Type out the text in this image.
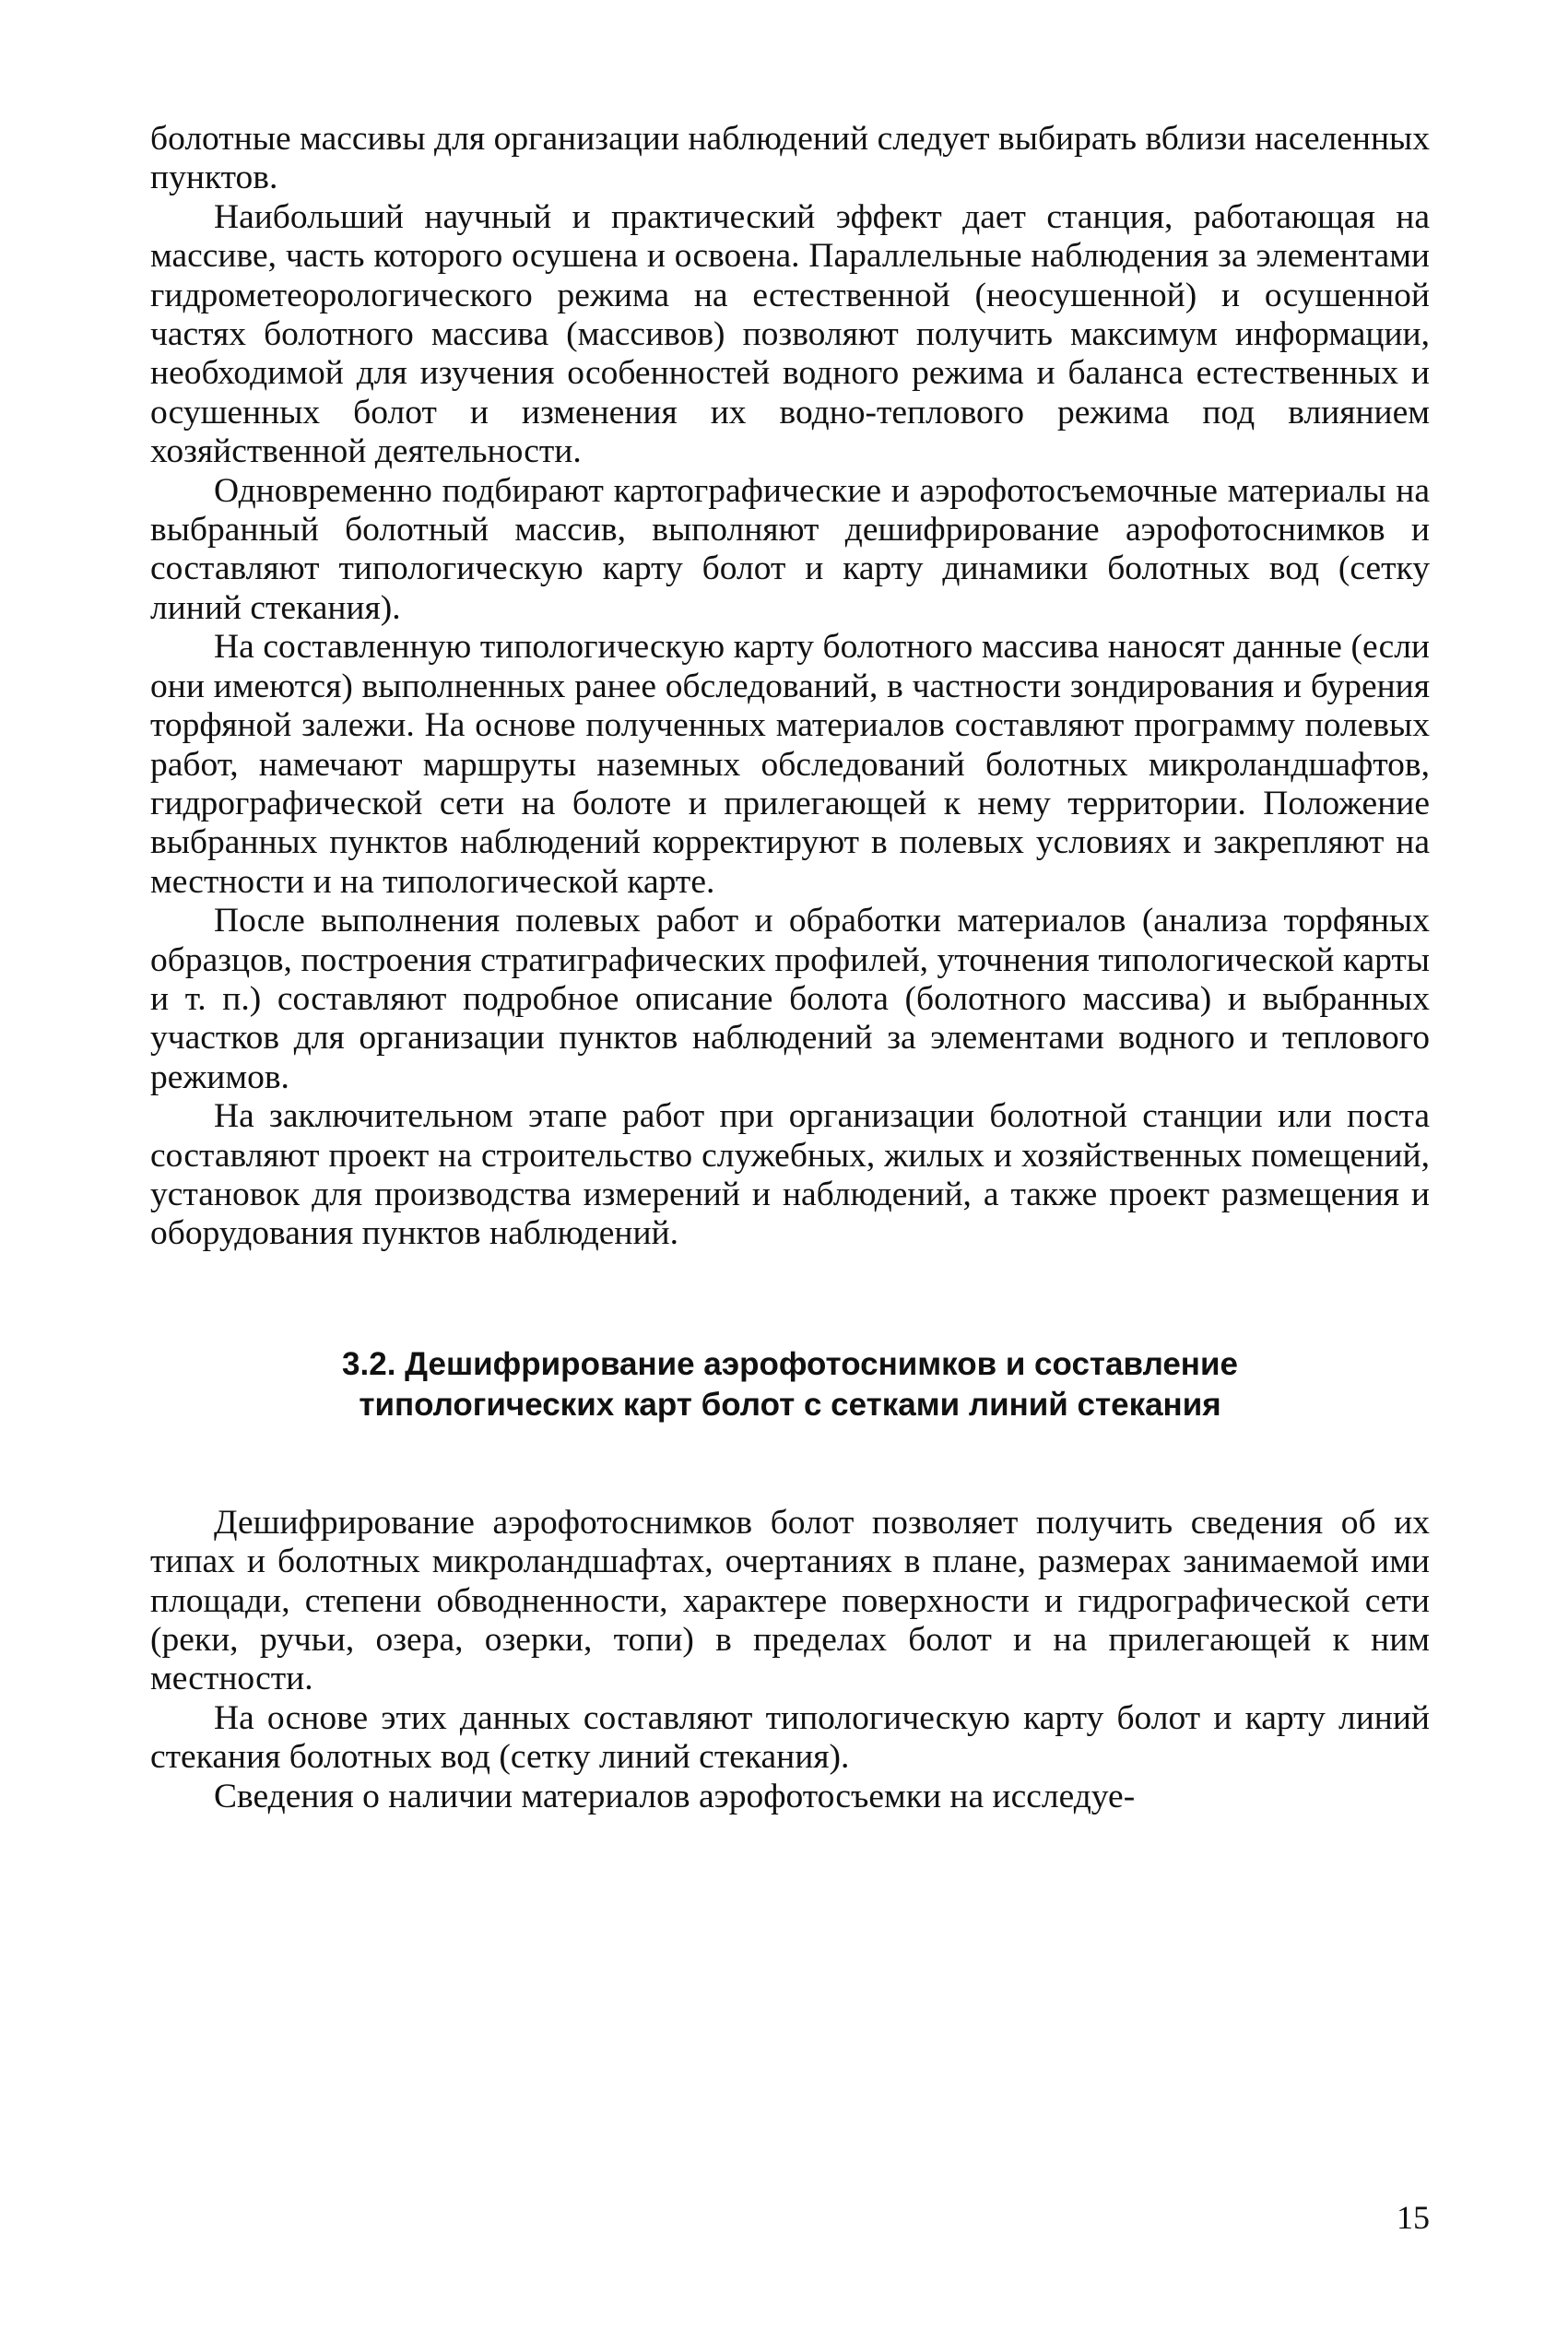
болотные массивы для организации наблюдений следует выбирать вблизи населенных пунктов.

Наибольший научный и практический эффект дает станция, работающая на массиве, часть которого осушена и освоена. Параллельные наблюдения за элементами гидрометеорологического режима на естественной (неосушенной) и осушенной частях болотного массива (массивов) позволяют получить максимум информации, необходимой для изучения особенностей водного режима и баланса естественных и осушенных болот и изменения их водно-теплового режима под влиянием хозяйственной деятельности.

Одновременно подбирают картографические и аэрофотосъемочные материалы на выбранный болотный массив, выполняют дешифрирование аэрофотоснимков и составляют типологическую карту болот и карту динамики болотных вод (сетку линий стекания).

На составленную типологическую карту болотного массива наносят данные (если они имеются) выполненных ранее обследований, в частности зондирования и бурения торфяной залежи. На основе полученных материалов составляют программу полевых работ, намечают маршруты наземных обследований болотных микроландшафтов, гидрографической сети на болоте и прилегающей к нему территории. Положение выбранных пунктов наблюдений корректируют в полевых условиях и закрепляют на местности и на типологической карте.

После выполнения полевых работ и обработки материалов (анализа торфяных образцов, построения стратиграфических профилей, уточнения типологической карты и т. п.) составляют подробное описание болота (болотного массива) и выбранных участков для организации пунктов наблюдений за элементами водного и теплового режимов.

На заключительном этапе работ при организации болотной станции или поста составляют проект на строительство служебных, жилых и хозяйственных помещений, установок для производства измерений и наблюдений, а также проект размещения и оборудования пунктов наблюдений.

3.2. Дешифрирование аэрофотоснимков и составление
типологических карт болот с сетками линий стекания

Дешифрирование аэрофотоснимков болот позволяет получить сведения об их типах и болотных микроландшафтах, очертаниях в плане, размерах занимаемой ими площади, степени обводненности, характере поверхности и гидрографической сети (реки, ручьи, озера, озерки, топи) в пределах болот и на прилегающей к ним местности.

На основе этих данных составляют типологическую карту болот и карту линий стекания болотных вод (сетку линий стекания).

Сведения о наличии материалов аэрофотосъемки на исследуе-

15
